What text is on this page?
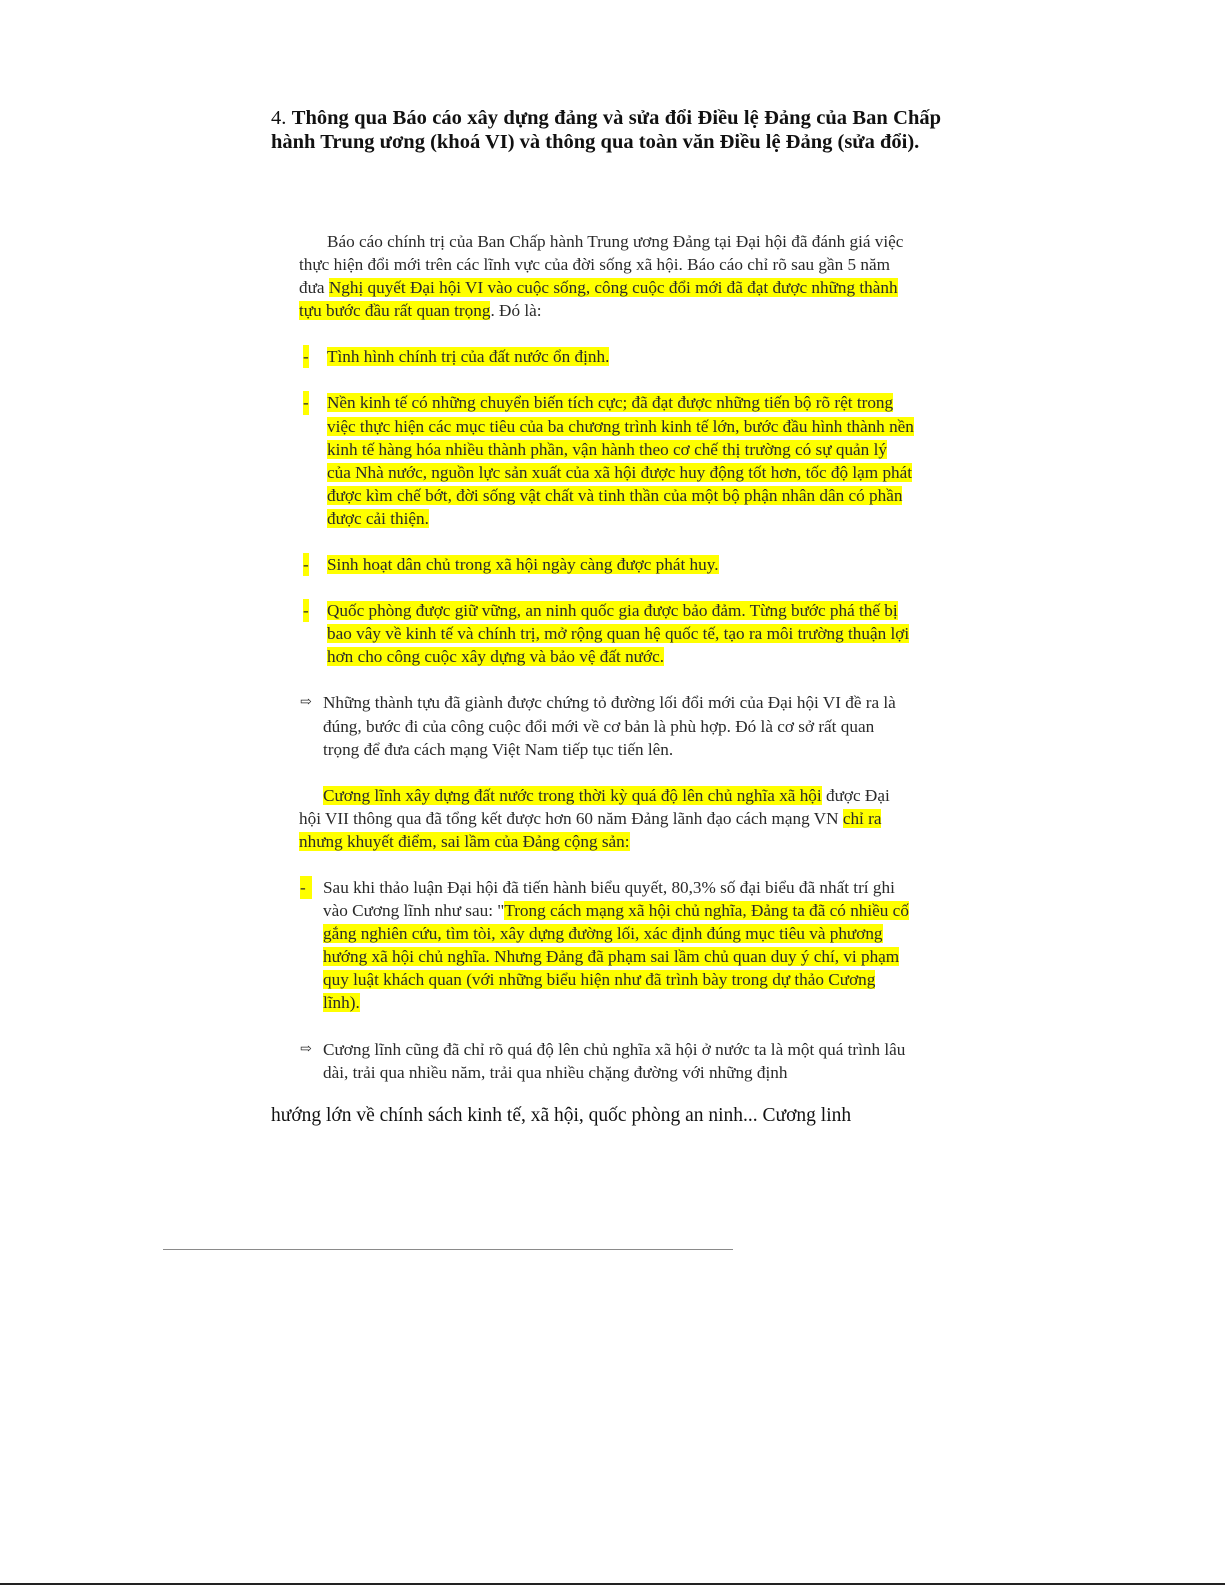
4. Thông qua Báo cáo xây dựng đảng và sửa đổi Điều lệ Đảng của Ban Chấp hành Trung ương (khoá VI) và thông qua toàn văn Điều lệ Đảng (sửa đổi).

Báo cáo chính trị của Ban Chấp hành Trung ương Đảng tại Đại hội đã đánh giá việc thực hiện đổi mới trên các lĩnh vực của đời sống xã hội. Báo cáo chỉ rõ sau gần 5 năm đưa Nghị quyết Đại hội VI vào cuộc sống, công cuộc đổi mới đã đạt được những thành tựu bước đầu rất quan trọng. Đó là:

- Tình hình chính trị của đất nước ổn định.

- Nền kinh tế có những chuyển biến tích cực; đã đạt được những tiến bộ rõ rệt trong việc thực hiện các mục tiêu của ba chương trình kinh tế lớn, bước đầu hình thành nền kinh tế hàng hóa nhiều thành phần, vận hành theo cơ chế thị trường có sự quản lý của Nhà nước, nguồn lực sản xuất của xã hội được huy động tốt hơn, tốc độ lạm phát được kìm chế bớt, đời sống vật chất và tinh thần của một bộ phận nhân dân có phần được cải thiện.

- Sinh hoạt dân chủ trong xã hội ngày càng được phát huy.

- Quốc phòng được giữ vững, an ninh quốc gia được bảo đảm. Từng bước phá thế bị bao vây về kinh tế và chính trị, mở rộng quan hệ quốc tế, tạo ra môi trường thuận lợi hơn cho công cuộc xây dựng và bảo vệ đất nước.

⇨ Những thành tựu đã giành được chứng tỏ đường lối đổi mới của Đại hội VI đề ra là đúng, bước đi của công cuộc đổi mới về cơ bản là phù hợp. Đó là cơ sở rất quan trọng để đưa cách mạng Việt Nam tiếp tục tiến lên.

Cương lĩnh xây dựng đất nước trong thời kỳ quá độ lên chủ nghĩa xã hội được Đại hội VII thông qua đã tổng kết được hơn 60 năm Đảng lãnh đạo cách mạng VN chỉ ra nhưng khuyết điểm, sai lầm của Đảng cộng sản:

-	Sau khi thảo luận Đại hội đã tiến hành biểu quyết, 80,3% số đại biểu đã nhất trí ghi vào Cương lĩnh như sau: "Trong cách mạng xã hội chủ nghĩa, Đảng ta đã có nhiều cố gắng nghiên cứu, tìm tòi, xây dựng đường lối, xác định đúng mục tiêu và phương hướng xã hội chủ nghĩa. Nhưng Đảng đã phạm sai lầm chủ quan duy ý chí, vi phạm quy luật khách quan (với những biểu hiện như đã trình bày trong dự thảo Cương lĩnh).

⇨ Cương lĩnh cũng đã chỉ rõ quá độ lên chủ nghĩa xã hội ở nước ta là một quá trình lâu dài, trải qua nhiều năm, trải qua nhiều chặng đường với những định

hướng lớn về chính sách kinh tế, xã hội, quốc phòng an ninh... Cương linh
